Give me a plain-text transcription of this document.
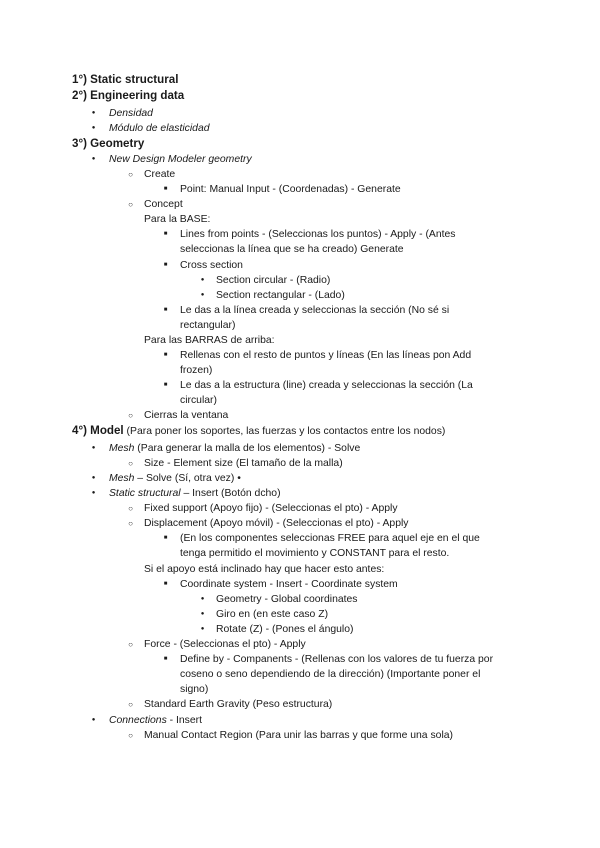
1°) Static structural
2°) Engineering data
●
Densidad
●
Módulo de elasticidad
3°) Geometry
●
New Design Modeler geometry
○
Create
■
Point: Manual Input - (Coordenadas) - Generate
○
Concept
Para la BASE:
■
Lines from points - (Seleccionas los puntos) - Apply - (Antes
seleccionas la línea que se ha creado) Generate
■
Cross section
●
Section circular - (Radio)
●
Section rectangular - (Lado)
■
Le das a la línea creada y seleccionas la sección (No sé si
rectangular)
Para las BARRAS de arriba:
■
Rellenas con el resto de puntos y líneas (En las líneas pon Add
frozen)
■
Le das a la estructura (line) creada y seleccionas la sección (La
circular)
○
Cierras la ventana
4°) Model (Para poner los soportes, las fuerzas y los contactos entre los nodos)
●
Mesh (Para generar la malla de los elementos) - Solve
○
Size - Element size (El tamaño de la malla)
●
Mesh – Solve (Sí, otra vez) •
●
Static structural – Insert (Botón dcho)
○
Fixed support (Apoyo fijo) - (Seleccionas el pto) - Apply
○
Displacement (Apoyo móvil) - (Seleccionas el pto) - Apply
■
(En los componentes seleccionas FREE para aquel eje en el que
tenga permitido el movimiento y CONSTANT para el resto.
Si el apoyo está inclinado hay que hacer esto antes:
■
Coordinate system - Insert - Coordinate system
●
Geometry - Global coordinates
●
Giro en (en este caso Z)
●
Rotate (Z) - (Pones el ángulo)
○
Force - (Seleccionas el pto) - Apply
■
Define by - Companents - (Rellenas con los valores de tu fuerza por
coseno o seno dependiendo de la dirección) (Importante poner el
signo)
○
Standard Earth Gravity (Peso estructura)
●
Connections - Insert
○
Manual Contact Region (Para unir las barras y que forme una sola)
